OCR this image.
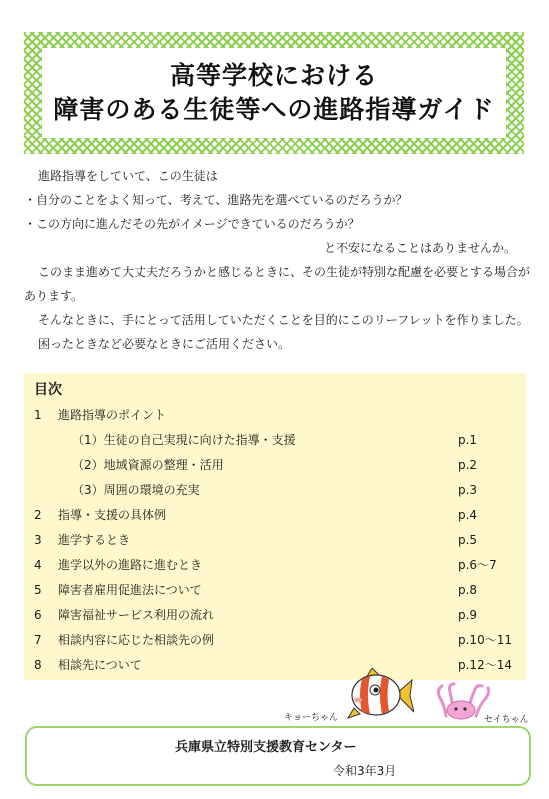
高等学校における
障害のある生徒等への進路指導ガイド

進路指導をしていて、この生徒は

・自分のことをよく知って、考えて、進路先を選べているのだろうか？

・この方向に進んだその先がイメージできているのだろうか？

と不安になることはありませんか。

このまま進めて大丈夫だろうかと感じるときに、その生徒が特別な配慮を必要とする場合があります。

そんなときに、手にとって活用していただくことを目的にこのリーフレットを作りました。

困ったときなど必要なときにご活用ください。

目次
1	進路指導のポイント
（1）生徒の自己実現に向けた指導・支援	p.1
（2）地域資源の整理・活用	p.2
（3）周囲の環境の充実	p.3
2	指導・支援の具体例	p.4
3	進学するとき	p.5
4	進学以外の進路に進むとき	p.6～7
5	障害者雇用促進法について	p.8
6	障害福祉サービス利用の流れ	p.9
7	相談内容に応じた相談先の例	p.10～11
8	相談先について	p.12～14
キョーちゃん	セイちゃん
兵庫県立特別支援教育センター
令和3年3月
